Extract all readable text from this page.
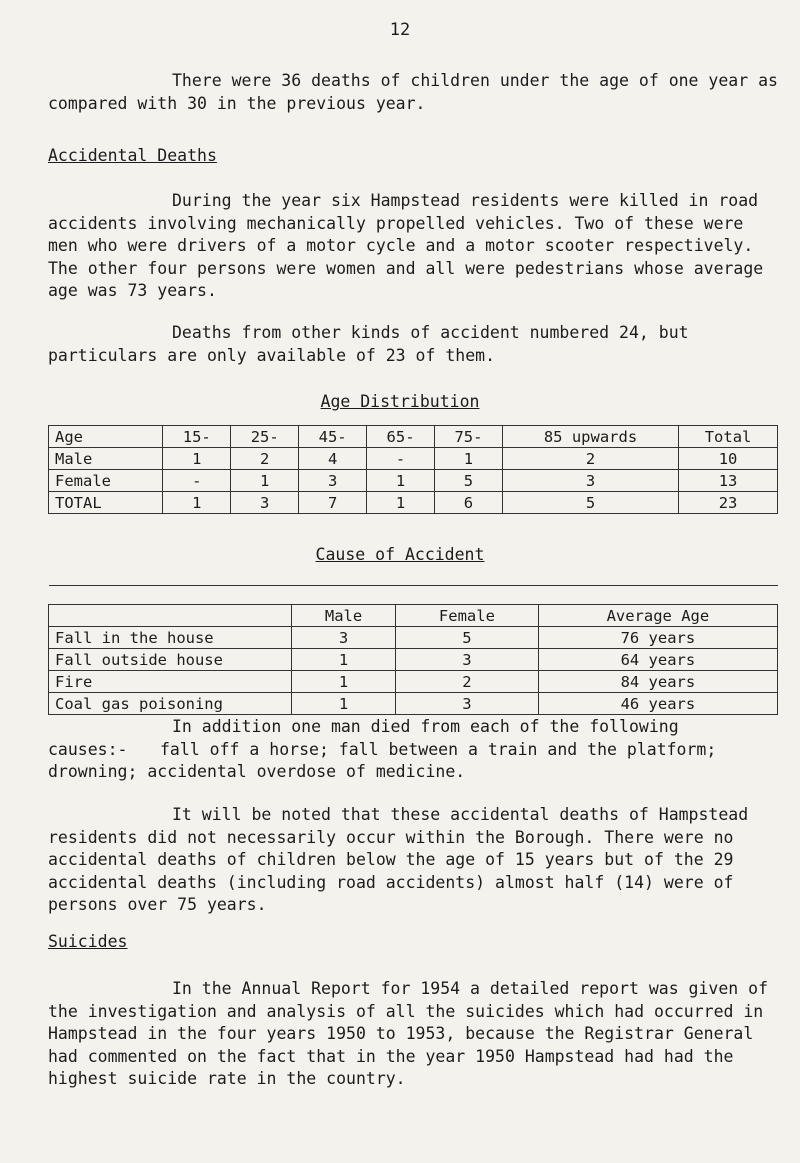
12

There were 36 deaths of children under the age of one year as compared with 30 in the previous year.

Accidental Deaths

During the year six Hampstead residents were killed in road accidents involving mechanically propelled vehicles. Two of these were men who were drivers of a motor cycle and a motor scooter respectively. The other four persons were women and all were pedestrians whose average age was 73 years.

Deaths from other kinds of accident numbered 24, but particulars are only available of 23 of them.

Age Distribution

Age	15-	25-	45-	65-	75-	85 upwards	Total
Male	1	2	4	-	1	2	10
Female	-	1	3	1	5	3	13
TOTAL	1	3	7	1	6	5	23

Cause of Accident

	Male	Female	Average Age
Fall in the house	3	5	76 years
Fall outside house	1	3	64 years
Fire	1	2	84 years
Coal gas poisoning	1	3	46 years
In addition one man died from each of the following
causes:- fall off a horse; fall between a train and the platform;
drowning; accidental overdose of medicine.

It will be noted that these accidental deaths of Hampstead residents did not necessarily occur within the Borough. There were no accidental deaths of children below the age of 15 years but of the 29 accidental deaths (including road accidents) almost half (14) were of persons over 75 years.

Suicides

In the Annual Report for 1954 a detailed report was given of the investigation and analysis of all the suicides which had occurred in Hampstead in the four years 1950 to 1953, because the Registrar General had commented on the fact that in the year 1950 Hampstead had had the highest suicide rate in the country.
